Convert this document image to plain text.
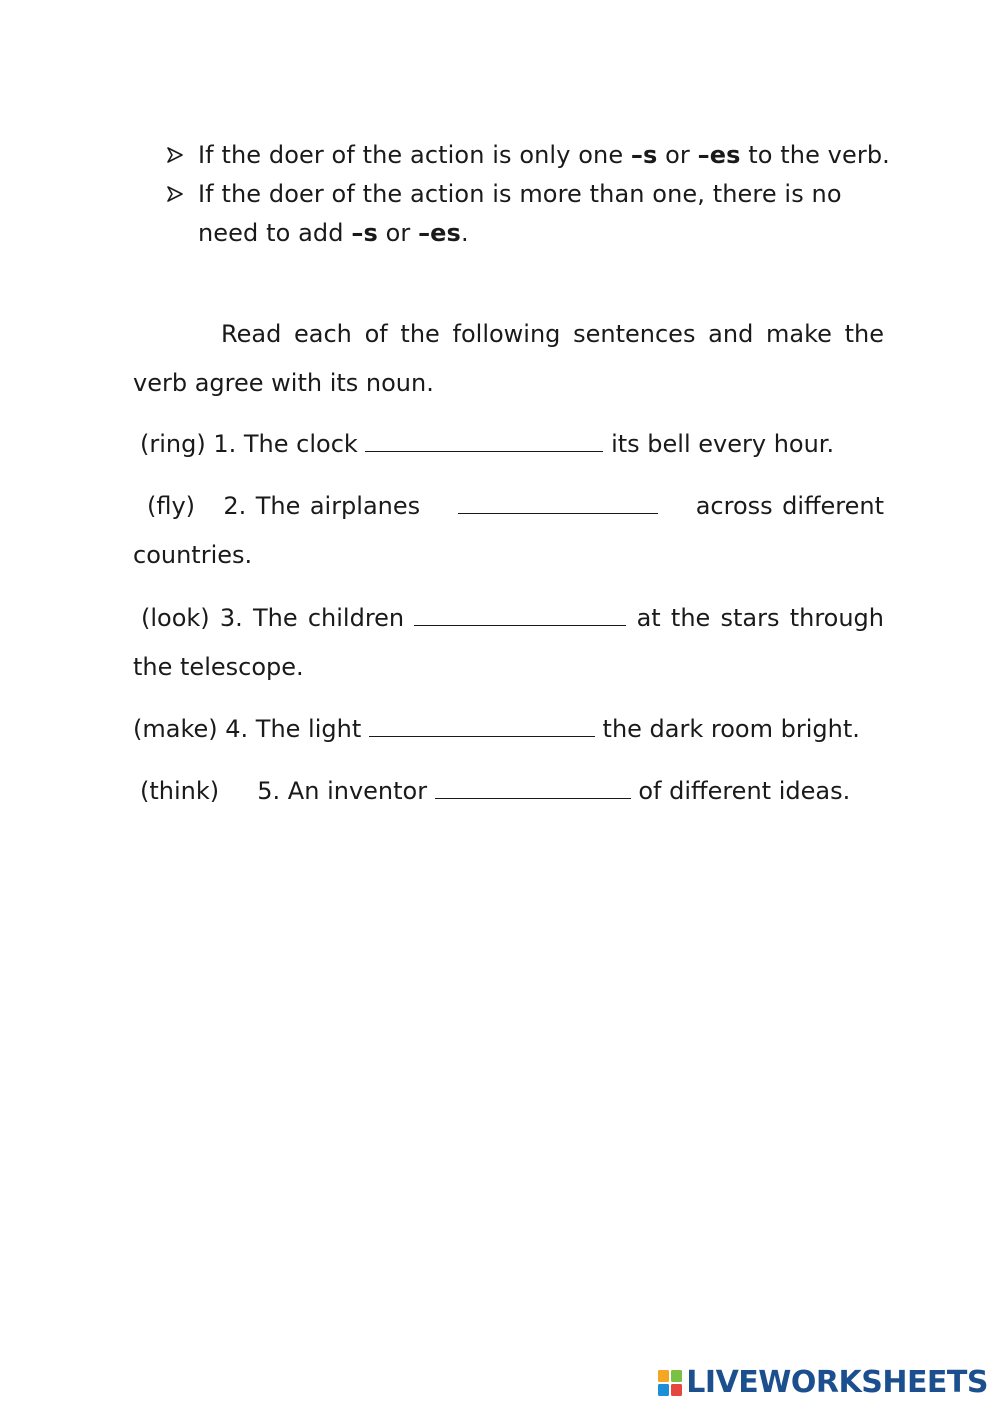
If the doer of the action is only one –s or –es to the verb.
If the doer of the action is more than one, there is no need to add –s or –es.
Read each of the following sentences and make the verb agree with its noun.
(ring) 1. The clock	its bell every hour.
(fly) 2. The airplanes	across different countries.
(look) 3. The children	at the stars through the telescope.
(make) 4. The light	the dark room bright.
(think) 5. An inventor	of different ideas.
LIVEWORKSHEETS
